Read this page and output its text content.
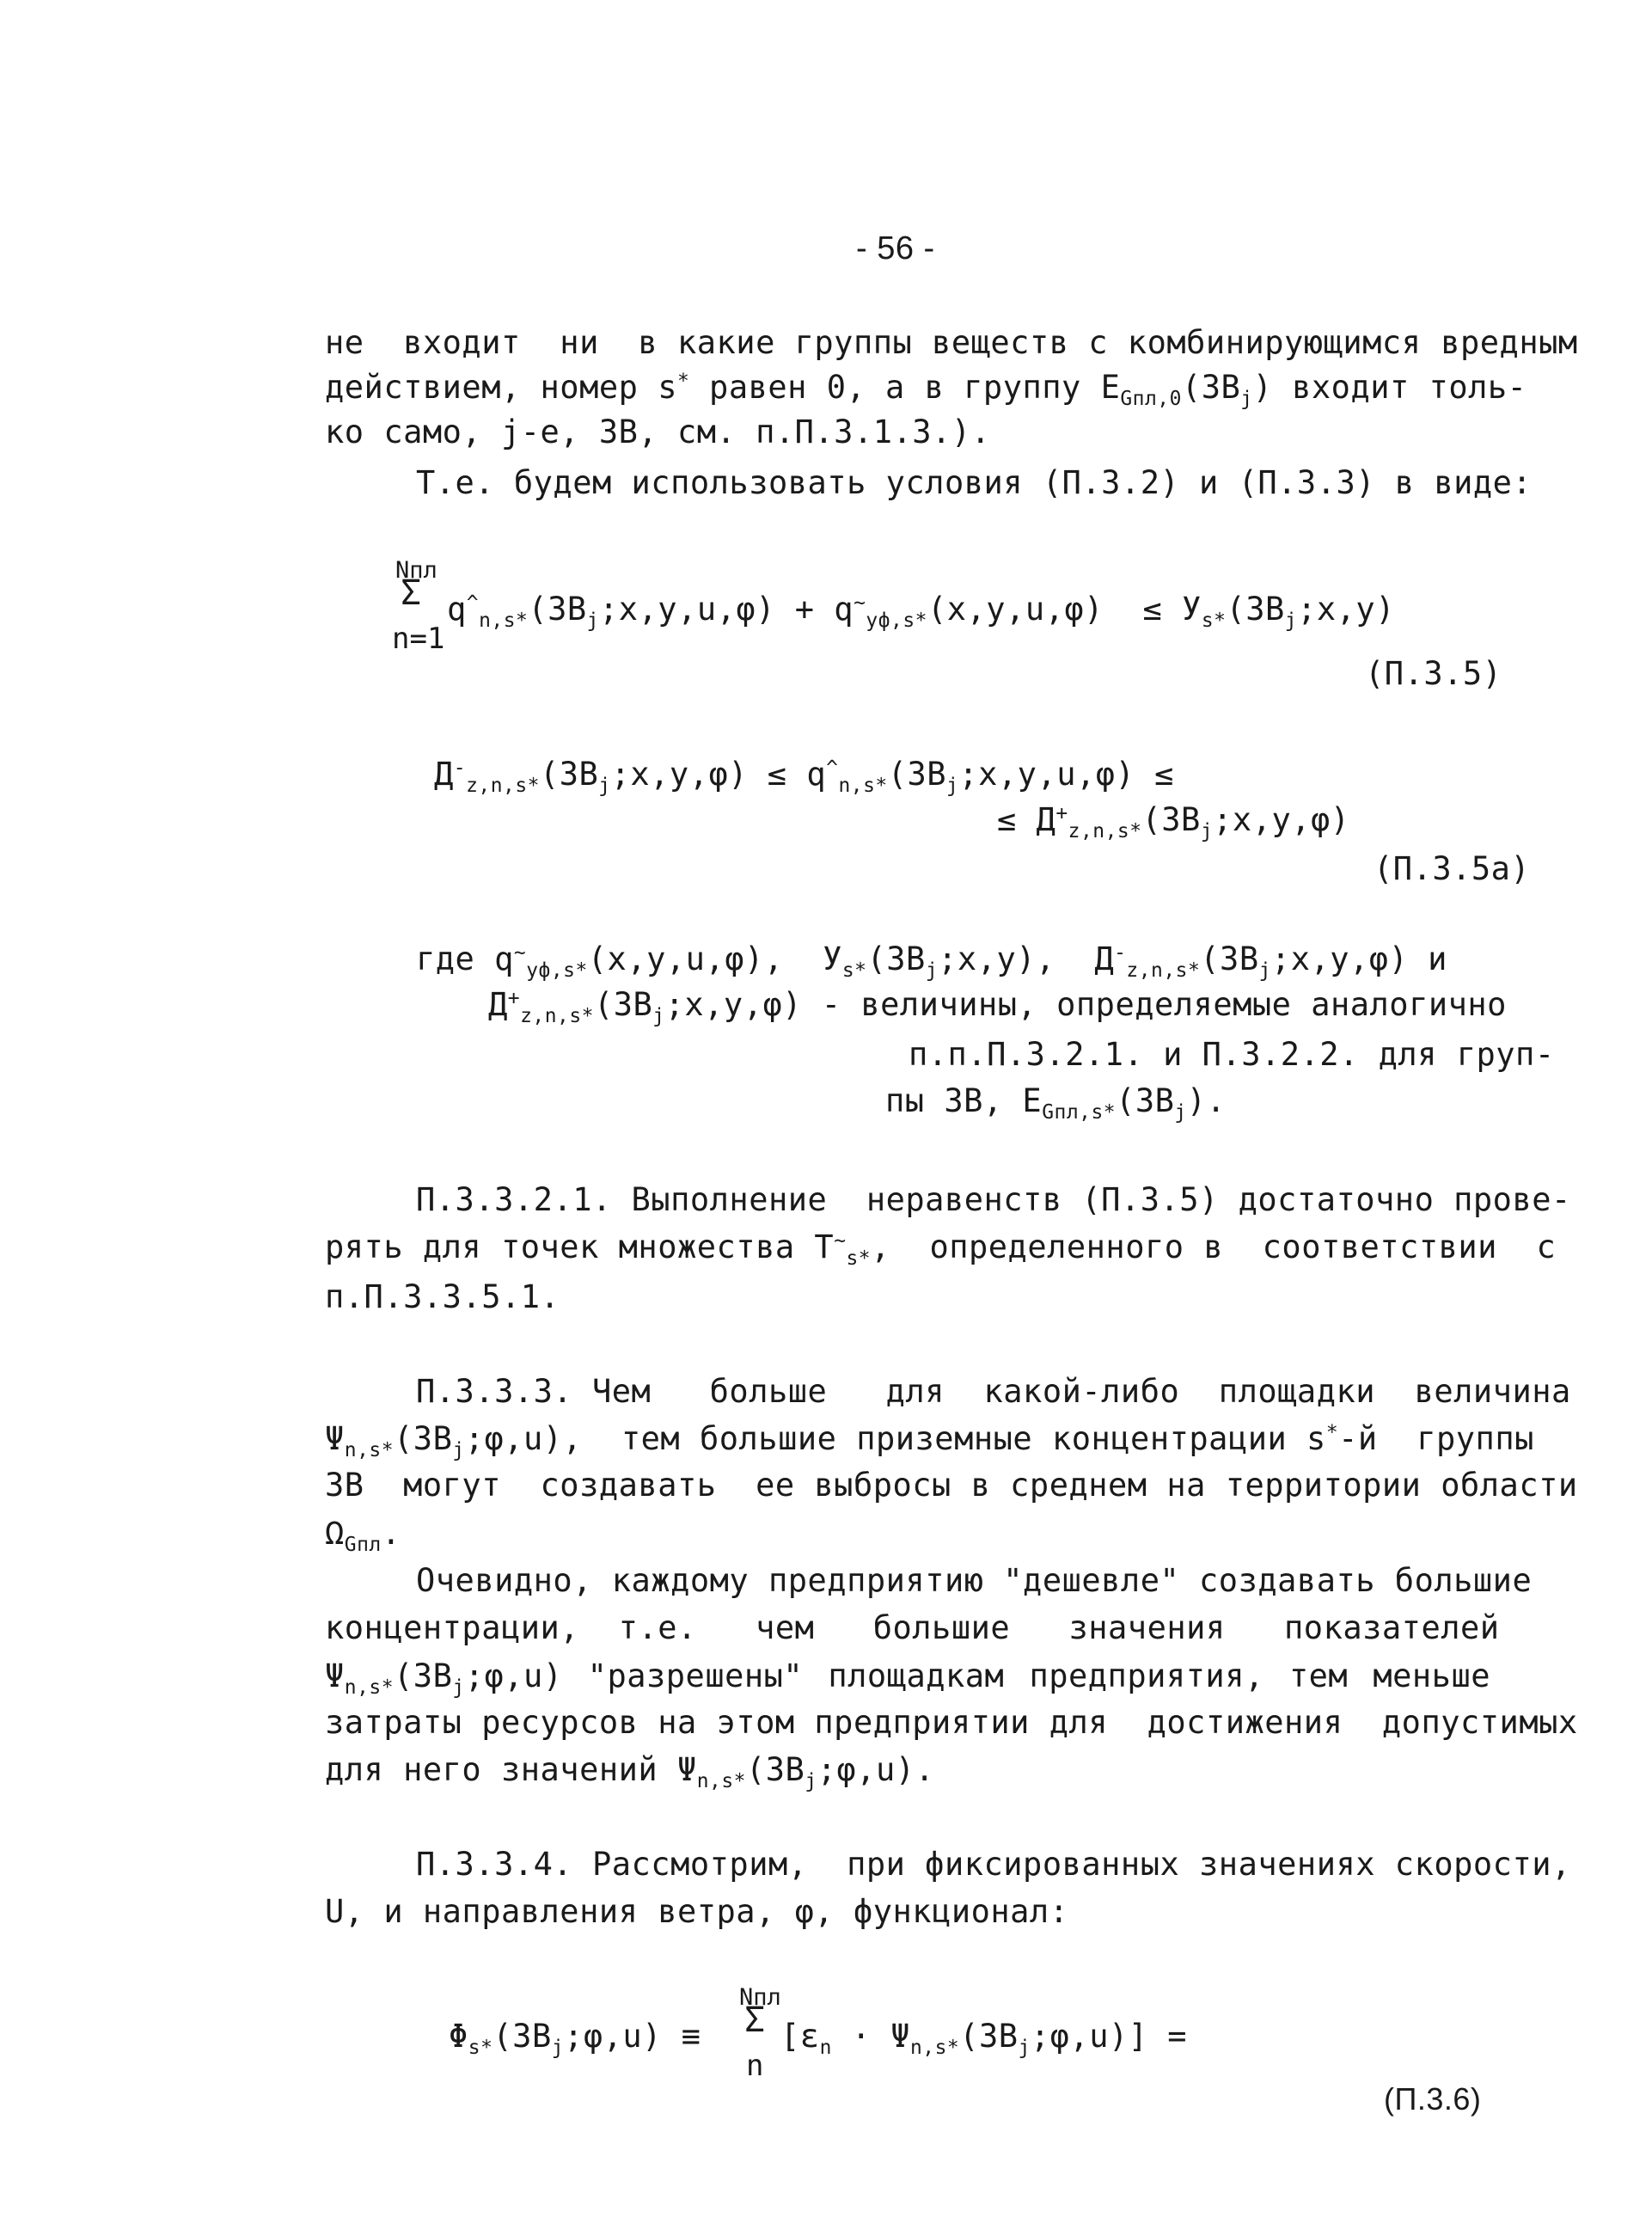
- 56 -
не  входит  ни  в какие группы веществ с комбинирующимся вредным
действием, номер s* равен 0, а в группу $E_{Gпл,0}(ЗВ_j)$ входит толь-
ко само, j-е, ЗВ, см. п.П.3.1.3.).
Т.е. будем использовать условия (П.3.2) и (П.3.3) в виде:

Nпл

Σ

n=1

$q^{\^{}}_{n,s*}(ЗВ_j;x,y,u,\varphi) + q^\sim_{уф,s*}(x,y,u,\varphi)$  ≤ $У_{s*}(ЗВ_j;x,y)$
(П.3.5)
$Д^-_{z,n,s*}(ЗВ_j;x,y,\varphi)$ ≤ $q^{\^{}}_{n,s*}(ЗВ_j;x,y,u,\varphi)$ ≤
≤ $Д^+_{z,n,s*}(ЗВ_j;x,y,\varphi)$
(П.3.5а)
где $q^\sim_{уф,s*}(x,y,u,\varphi)$,  $У_{s*}(ЗВ_j;x,y)$,  $Д^-_{z,n,s*}(ЗВ_j;x,y,\varphi)$ и
$Д^+_{z,n,s*}(ЗВ_j;x,y,\varphi)$ - величины, определяемые аналогично
п.п.П.3.2.1. и П.3.2.2. для груп-
пы ЗВ, $E_{Gпл,s*}(ЗВ_j)$.
П.3.3.2.1. Выполнение  неравенств (П.3.5) достаточно прове-
рять для точек множества $T^\sim_{s*}$,  определенного в  соответствии  с
п.П.3.3.5.1.
П.3.3.3. Чем   больше   для  какой-либо  площадки  величина
$\Psi_{n,s*}(ЗВ_j;\varphi,u)$,  тем большие приземные концентрации s*-й  группы
ЗВ  могут  создавать  ее выбросы в среднем на территории области
$\Omega_{Gпл}$.
Очевидно, каждому предприятию "дешевле" создавать большие
концентрации,  т.е.   чем   большие   значения   показателей
$\Psi_{n,s*}(ЗВ_j;\varphi,u)$ "разрешены" площадкам предприятия, тем меньше
затраты ресурсов на этом предприятии для  достижения  допустимых
для него значений $\Psi_{n,s*}(ЗВ_j;\varphi,u)$.
П.3.3.4. Рассмотрим,  при фиксированных значениях скорости,
U, и направления ветра, φ, функционал:
$\Phi_{s*}(ЗВ_j;\varphi,u)$ ≡

Nпл

Σ

n

[$\varepsilon_n$ · $\Psi_{n,s*}(ЗВ_j;\varphi,u)$] =
(П.3.6)
